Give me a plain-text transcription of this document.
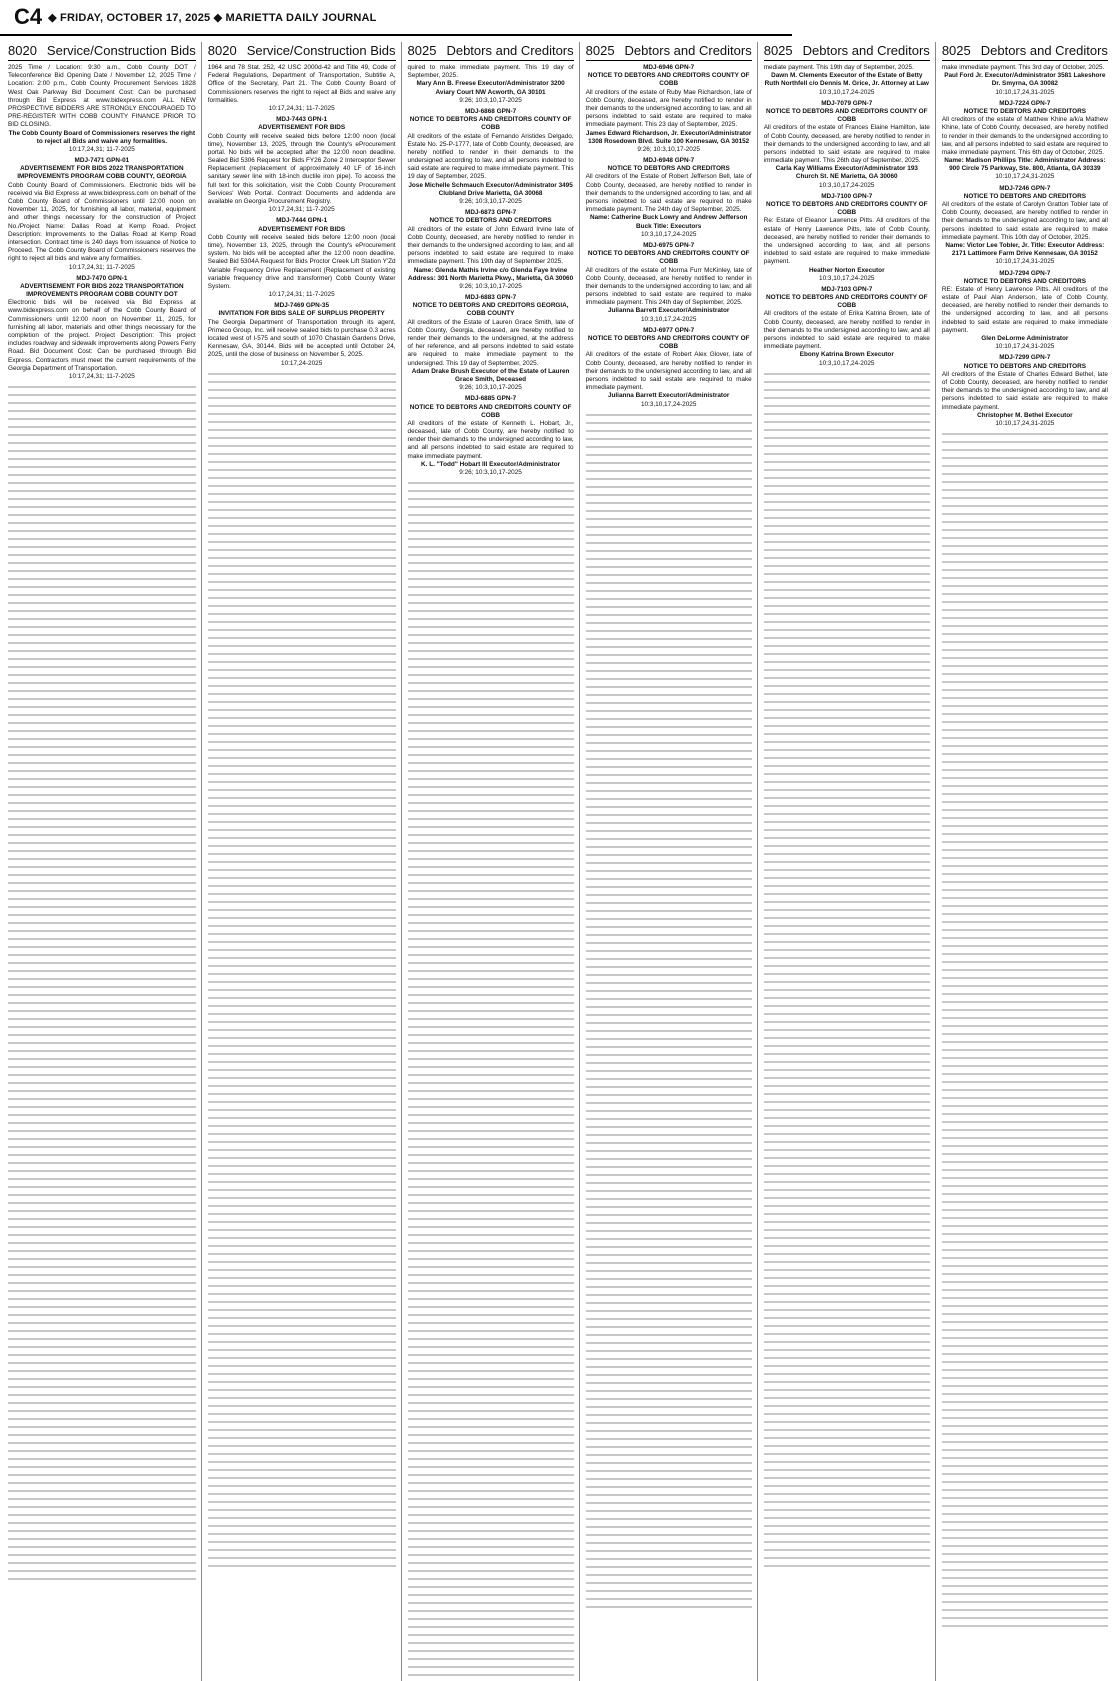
C4 ◆ FRIDAY, OCTOBER 17, 2025 ◆ MARIETTA DAILY JOURNAL
8020 Service/Construction Bids
2025 Time / Location: 9:30 a.m., Cobb County DOT / Teleconference Bid Opening Date / November 12, 2025 Time / Location: 2:00 p.m., Cobb County Procurement Services 1828 West Oak Parkway Bid Document Cost: Can be purchased through Bid Express at www.bidexpress.com ALL NEW PROSPECTIVE BIDDERS ARE STRONGLY ENCOURAGED TO PRE-REGISTER WITH COBB COUNTY FINANCE PRIOR TO BID CLOSING.
The Cobb County Board of Commissioners reserves the right to reject all Bids and waive any formalities.
10:17,24,31; 11-7-2025
MDJ-7471 GPN-01
ADVERTISEMENT FOR BIDS 2022 TRANSPORTATION IMPROVEMENTS PROGRAM COBB COUNTY, GEORGIA
Cobb County Board of Commissioners. Electronic bids will be received via Bid Express at www.bidexpress.com on behalf of the Cobb County Board of Commissioners until 12:00 noon on November 11, 2025, for furnishing all labor, material, equipment and other things necessary for the construction of Project No./Project Name: Dallas Road at Kemp Road. Project Description: Improvements to the Dallas Road at Kemp Road intersection. Contract time is 240 days from issuance of Notice to Proceed. The Cobb County Board of Commissioners reserves the right to reject all bids and waive any formalities.
10:17,24,31; 11-7-2025
MDJ-7470 GPN-1
ADVERTISEMENT FOR BIDS 2022 TRANSPORTATION IMPROVEMENTS PROGRAM COBB COUNTY DOT
Electronic bids will be received via Bid Express at www.bidexpress.com on behalf of the Cobb County Board of Commissioners until 12:00 noon on November 11, 2025, for furnishing all labor, materials and other things necessary for the completion of the project. Project Description: This project includes roadway and sidewalk improvements along Powers Ferry Road. Bid Document Cost: Can be purchased through Bid Express. Contractors must meet the current requirements of the Georgia Department of Transportation.
10:17,24,31; 11-7-2025
8020 Service/Construction Bids
1964 and 78 Stat. 252, 42 USC 2000d-42 and Title 49, Code of Federal Regulations, Department of Transportation, Subtitle A, Office of the Secretary, Part 21. The Cobb County Board of Commissioners reserves the right to reject all Bids and waive any formalities.
10:17,24,31; 11-7-2025
MDJ-7443 GPN-1
ADVERTISEMENT FOR BIDS
Cobb County will receive sealed bids before 12:00 noon (local time), November 13, 2025, through the County's eProcurement portal. No bids will be accepted after the 12:00 noon deadline. Sealed Bid 5306 Request for Bids FY26 Zone 2 Interceptor Sewer Replacement (replacement of approximately 40 LF of 16-inch sanitary sewer line with 18-inch ductile iron pipe). To access the full text for this solicitation, visit the Cobb County Procurement Services' Web Portal. Contract Documents and addenda are available on Georgia Procurement Registry.
10:17,24,31; 11-7-2025
MDJ-7444 GPN-1
ADVERTISEMENT FOR BIDS
Cobb County will receive sealed bids before 12:00 noon (local time), November 13, 2025, through the County's eProcurement system. No bids will be accepted after the 12:00 noon deadline. Sealed Bid 5304A Request for Bids Proctor Creek Lift Station Y'Zd Variable Frequency Drive Replacement (Replacement of existing variable frequency drive and transformer) Cobb County Water System.
10:17,24,31; 11-7-2025
MDJ-7469 GPN-35
INVITATION FOR BIDS SALE OF SURPLUS PROPERTY
The Georgia Department of Transportation through its agent, Primeco Group, Inc. will receive sealed bids to purchase 0.3 acres located west of I-575 and south of 1070 Chastain Gardens Drive, Kennesaw, GA, 30144. Bids will be accepted until October 24, 2025, until the close of business on November 5, 2025.
10:17,24-2025
8025 Debtors and Creditors
quired to make immediate payment. This 19 day of September, 2025.
Mary Ann B. Freese Executor/Administrator 3200 Aviary Court NW Acworth, GA 30101
9:26; 10:3,10,17-2025
MDJ-6868 GPN-7
NOTICE TO DEBTORS AND CREDITORS COUNTY OF COBB
All creditors of the estate of Fernando Aristides Delgado, Estate No. 25-P-1777, late of Cobb County, deceased, are hereby notified to render in their demands to the undersigned according to law, and all persons indebted to said estate are required to make immediate payment. This 19 day of September, 2025.
Jose Michelle Schmauch Executor/Administrator 3495 Clubland Drive Marietta, GA 30068
9:26; 10:3,10,17-2025
MDJ-6873 GPN-7
NOTICE TO DEBTORS AND CREDITORS
All creditors of the estate of John Edward Irvine late of Cobb County, deceased, are hereby notified to render in their demands to the undersigned according to law, and all persons indebted to said estate are required to make immediate payment. This 19th day of September 2025.
Name: Glenda Mathis Irvine c/o Glenda Faye Irvine Address: 301 North Marietta Pkwy., Marietta, GA 30060
9:26; 10:3,10,17-2025
MDJ-6883 GPN-7
NOTICE TO DEBTORS AND CREDITORS GEORGIA, COBB COUNTY
All creditors of the Estate of Lauren Grace Smith, late of Cobb County, Georgia, deceased, are hereby notified to render their demands to the undersigned, at the address of her reference, and all persons indebted to said estate are required to make immediate payment to the undersigned. This 19 day of September, 2025.
Adam Drake Brush Executor of the Estate of Lauren Grace Smith, Deceased
9:26; 10:3,10,17-2025
MDJ-6885 GPN-7
NOTICE TO DEBTORS AND CREDITORS COUNTY OF COBB
All creditors of the estate of Kenneth L. Hobart, Jr., deceased, late of Cobb County, are hereby notified to render their demands to the undersigned according to law, and all persons indebted to said estate are required to make immediate payment.
K. L. "Todd" Hobart III Executor/Administrator
9:26; 10:3,10,17-2025
8025 Debtors and Creditors
MDJ-6946 GPN-7
NOTICE TO DEBTORS AND CREDITORS COUNTY OF COBB
All creditors of the estate of Ruby Mae Richardson, late of Cobb County, deceased, are hereby notified to render in their demands to the undersigned according to law, and all persons indebted to said estate are required to make immediate payment. This 23 day of September, 2025.
James Edward Richardson, Jr. Executor/Administrator 1308 Rosedown Blvd. Suite 100 Kennesaw, GA 30152
9:26; 10:3,10,17-2025
MDJ-6948 GPN-7
NOTICE TO DEBTORS AND CREDITORS
All creditors of the Estate of Robert Jefferson Bell, late of Cobb County, deceased, are hereby notified to render in their demands to the undersigned according to law, and all persons indebted to said estate are required to make immediate payment. The 24th day of September, 2025.
Name: Catherine Buck Lowry and Andrew Jefferson Buck Title: Executors
10:3,10,17,24-2025
MDJ-6975 GPN-7
NOTICE TO DEBTORS AND CREDITORS COUNTY OF COBB
All creditors of the estate of Norma Furr McKinley, late of Cobb County, deceased, are hereby notified to render in their demands to the undersigned according to law, and all persons indebted to said estate are required to make immediate payment. This 24th day of September, 2025.
Julianna Barrett Executor/Administrator
10:3,10,17,24-2025
MDJ-6977 GPN-7
NOTICE TO DEBTORS AND CREDITORS COUNTY OF COBB
All creditors of the estate of Robert Alex Glover, late of Cobb County, deceased, are hereby notified to render in their demands to the undersigned according to law, and all persons indebted to said estate are required to make immediate payment.
Julianna Barrett Executor/Administrator
10:3,10,17,24-2025
8025 Debtors and Creditors
mediate payment. This 19th day of September, 2025.
Dawn M. Clements Executor of the Estate of Betty Ruth Northfell c/o Dennis M. Grice, Jr. Attorney at Law
10:3,10,17,24-2025
MDJ-7079 GPN-7
NOTICE TO DEBTORS AND CREDITORS COUNTY OF COBB
All creditors of the estate of Frances Elaine Hamilton, late of Cobb County, deceased, are hereby notified to render in their demands to the undersigned according to law, and all persons indebted to said estate are required to make immediate payment. This 26th day of September, 2025.
Carla Kay Williams Executor/Administrator 193 Church St. NE Marietta, GA 30060
10:3,10,17,24-2025
MDJ-7100 GPN-7
NOTICE TO DEBTORS AND CREDITORS COUNTY OF COBB
Re: Estate of Eleanor Lawrence Pitts. All creditors of the estate of Henry Lawrence Pitts, late of Cobb County, deceased, are hereby notified to render their demands to the undersigned according to law, and all persons indebted to said estate are required to make immediate payment.
Heather Norton Executor
10:3,10,17,24-2025
MDJ-7103 GPN-7
NOTICE TO DEBTORS AND CREDITORS COUNTY OF COBB
All creditors of the estate of Erika Katrina Brown, late of Cobb County, deceased, are hereby notified to render in their demands to the undersigned according to law, and all persons indebted to said estate are required to make immediate payment.
Ebony Katrina Brown Executor
10:3,10,17,24-2025
8025 Debtors and Creditors
make immediate payment. This 3rd day of October, 2025.
Paul Ford Jr. Executor/Administrator 3581 Lakeshore Dr. Smyrna, GA 30082
10:10,17,24,31-2025
MDJ-7224 GPN-7
NOTICE TO DEBTORS AND CREDITORS
All creditors of the estate of Matthew Khine a/k/a Mathew Khine, late of Cobb County, deceased, are hereby notified to render in their demands to the undersigned according to law, and all persons indebted to said estate are required to make immediate payment. This 6th day of October, 2025.
Name: Madison Phillips Title: Administrator Address: 900 Circle 75 Parkway, Ste. 800, Atlanta, GA 30339
10:10,17,24,31-2025
MDJ-7246 GPN-7
NOTICE TO DEBTORS AND CREDITORS
All creditors of the estate of Carolyn Gratton Tobler late of Cobb County, deceased, are hereby notified to render in their demands to the undersigned according to law, and all persons indebted to said estate are required to make immediate payment. This 10th day of October, 2025.
Name: Victor Lee Tobler, Jr. Title: Executor Address: 2171 Lattimore Farm Drive Kennesaw, GA 30152
10:10,17,24,31-2025
MDJ-7294 GPN-7
NOTICE TO DEBTORS AND CREDITORS
RE: Estate of Henry Lawrence Pitts. All creditors of the estate of Paul Alan Anderson, late of Cobb County, deceased, are hereby notified to render their demands to the undersigned according to law, and all persons indebted to said estate are required to make immediate payment.
Glen DeLorme Administrator
10:10,17,24,31-2025
MDJ-7299 GPN-7
NOTICE TO DEBTORS AND CREDITORS
All creditors of the Estate of Charles Edward Bethel, late of Cobb County, deceased, are hereby notified to render their demands to the undersigned according to law, and all persons indebted to said estate are required to make immediate payment.
Christopher M. Bethel Executor
10:10,17,24,31-2025
